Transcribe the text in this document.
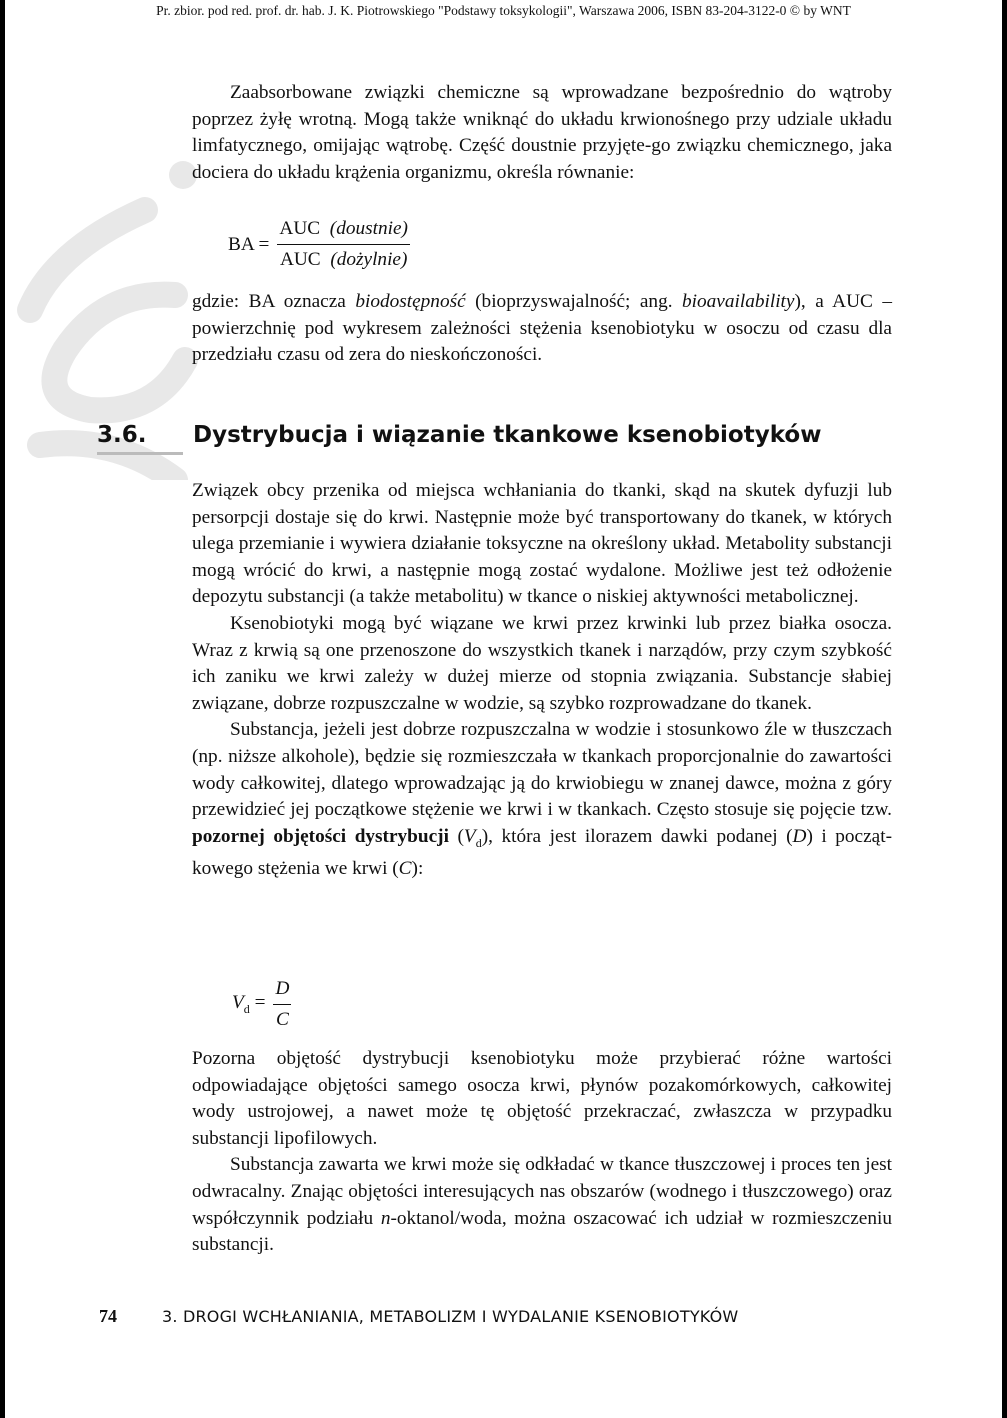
Pr. zbior. pod red. prof. dr. hab. J. K. Piotrowskiego "Podstawy toksykologii", Warszawa 2006, ISBN 83-204-3122-0 © by WNT

Zaabsorbowane związki chemiczne są wprowadzane bezpośrednio do wątroby poprzez żyłę wrotną. Mogą także wniknąć do układu krwionośnego przy udziale układu limfatycznego, omijając wątrobę. Część doustnie przyjęte-go związku chemicznego, jaka dociera do układu krążenia organizmu, określa równanie:

BA = $\frac{\text{AUC (doustnie)}}{\text{AUC (dożylnie)}}$

gdzie: BA oznacza biodostępność (bioprzyswajalność; ang. bioavailability), a AUC – powierzchnię pod wykresem zależności stężenia ksenobiotyku w osoczu od czasu dla przedziału czasu od zera do nieskończoności.

3.6. Dystrybucja i wiązanie tkankowe ksenobiotyków

Związek obcy przenika od miejsca wchłaniania do tkanki, skąd na skutek dyfuzji lub persorpcji dostaje się do krwi. Następnie może być transportowany do tkanek, w których ulega przemianie i wywiera działanie toksyczne na określony układ. Metabolity substancji mogą wrócić do krwi, a następnie mogą zostać wydalone. Możliwe jest też odłożenie depozytu substancji (a także metabolitu) w tkance o niskiej aktywności metabolicznej.

Ksenobiotyki mogą być wiązane we krwi przez krwinki lub przez białka osocza. Wraz z krwią są one przenoszone do wszystkich tkanek i narządów, przy czym szybkość ich zaniku we krwi zależy w dużej mierze od stopnia związania. Substancje słabiej związane, dobrze rozpuszczalne w wodzie, są szybko rozprowadzane do tkanek.

Substancja, jeżeli jest dobrze rozpuszczalna w wodzie i stosunkowo źle w tłuszczach (np. niższe alkohole), będzie się rozmieszczała w tkankach proporcjonalnie do zawartości wody całkowitej, dlatego wprowadzając ją do krwiobiegu w znanej dawce, można z góry przewidzieć jej początkowe stężenie we krwi i w tkankach. Często stosuje się pojęcie tzw. pozornej objętości dystrybucji $(V_d)$, która jest ilorazem dawki podanej (D) i począt-kowego stężenia we krwi (C):

$V_d = \frac{D}{C}$

Pozorna objętość dystrybucji ksenobiotyku może przybierać różne wartości odpowiadające objętości samego osocza krwi, płynów pozakomórkowych, całkowitej wody ustrojowej, a nawet może tę objętość przekraczać, zwłaszcza w przypadku substancji lipofilowych.

Substancja zawarta we krwi może się odkładać w tkance tłuszczowej i proces ten jest odwracalny. Znając objętości interesujących nas obszarów (wodnego i tłuszczowego) oraz współczynnik podziału n-oktanol/woda, można oszacować ich udział w rozmieszczeniu substancji.

74	3. DROGI WCHŁANIANIA, METABOLIZM I WYDALANIE KSENOBIOTYKÓW
